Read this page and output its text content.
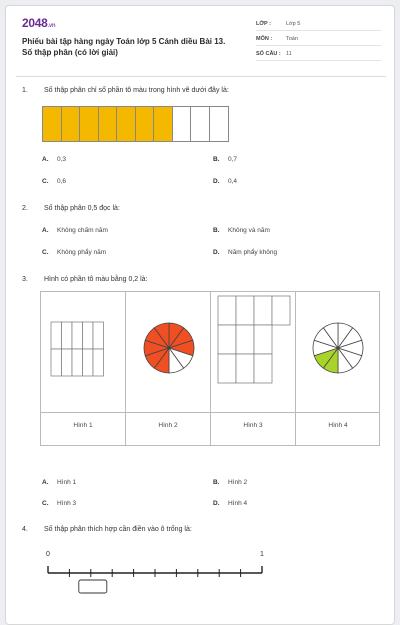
2048.vn
Phiếu bài tập hàng ngày Toán lớp 5 Cánh diều Bài 13. Số thập phân (có lời giải)
LỚP :	Lớp 5
MÔN :	Toán
SỐ CÂU : 11
1. Số thập phân chỉ số phần tô màu trong hình vẽ dưới đây là:
A. 0,3	B. 0,7
C. 0,6	D. 0,4
2. Số thập phân 0,5 đọc là:
A. Không chấm năm	B. Không và năm
C. Không phẩy năm	D. Năm phẩy không
3. Hình có phần tô màu bằng 0,2 là:
Hình 1	Hình 2	Hình 3	Hình 4
A. Hình 1	B. Hình 2
C. Hình 3	D. Hình 4
4. Số thập phân thích hợp cần điền vào ô trống là:
0	1
